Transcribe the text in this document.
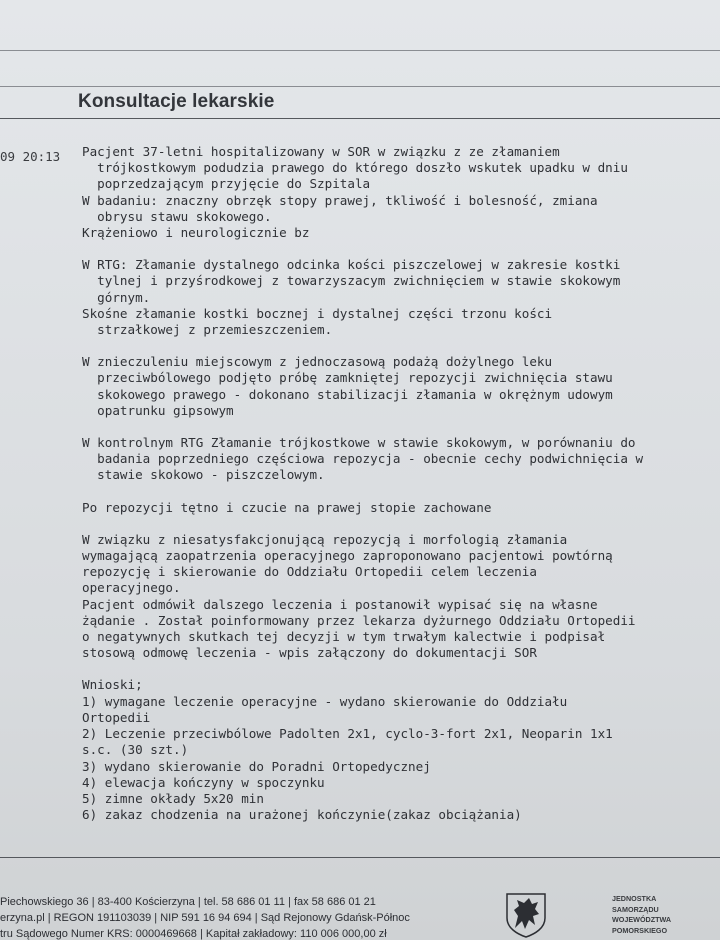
Konsultacje lekarskie
09 20:13 Pacjent 37-letni hospitalizowany w SOR w związku z ze złamaniem

trójkostkowym podudzia prawego do którego doszło wskutek upadku w dniu

poprzedzającym przyjęcie do Szpitala

W badaniu: znaczny obrzęk stopy prawej, tkliwość i bolesność, zmiana

obrysu stawu skokowego.

Krążeniowo i neurologicznie bz

W RTG: Złamanie dystalnego odcinka kości piszczelowej w zakresie kostki

tylnej i przyśrodkowej z towarzyszacym zwichnięciem w stawie skokowym

górnym.

Skośne złamanie kostki bocznej i dystalnej części trzonu kości

strzałkowej z przemieszczeniem.

W znieczuleniu miejscowym z jednoczasową podażą dożylnego leku

przeciwbólowego podjęto próbę zamkniętej repozycji zwichnięcia stawu

skokowego prawego - dokonano stabilizacji złamania w okrężnym udowym

opatrunku gipsowym

W kontrolnym RTG Złamanie trójkostkowe w stawie skokowym, w porównaniu do

badania poprzedniego częściowa repozycja - obecnie cechy podwichnięcia w

stawie skokowo - piszczelowym.

Po repozycji tętno i czucie na prawej stopie zachowane

W związku z niesatysfakcjonującą repozycją i morfologią złamania

wymagającą zaopatrzenia operacyjnego zaproponowano pacjentowi powtórną

repozycję i skierowanie do Oddziału Ortopedii celem leczenia

operacyjnego.

Pacjent odmówił dalszego leczenia i postanowił wypisać się na własne

żądanie . Został poinformowany przez lekarza dyżurnego Oddziału Ortopedii

o negatywnych skutkach tej decyzji w tym trwałym kalectwie i podpisał

stosową odmowę leczenia - wpis załączony do dokumentacji SOR

Wnioski;

1) wymagane leczenie operacyjne - wydano skierowanie do Oddziału

Ortopedii

2) Leczenie przeciwbólowe Padolten 2x1, cyclo-3-fort 2x1, Neoparin 1x1

s.c. (30 szt.)

3) wydano skierowanie do Poradni Ortopedycznej

4) elewacja kończyny w spoczynku

5) zimne okłady 5x20 min

6) zakaz chodzenia na urażonej kończynie(zakaz obciążania)

Piechowskiego 36 | 83-400 Kościerzyna | tel. 58 686 01 11 | fax 58 686 01 21
erzyna.pl | REGON 191103039 | NIP 591 16 94 694 | Sąd Rejonowy Gdańsk-Północ
tru Sądowego Numer KRS: 0000469668 | Kapitał zakładowy: 110 006 000,00 zł
JEDNOSTKA
SAMORZĄDU
WOJEWÓDZTWA
POMORSKIEGO
